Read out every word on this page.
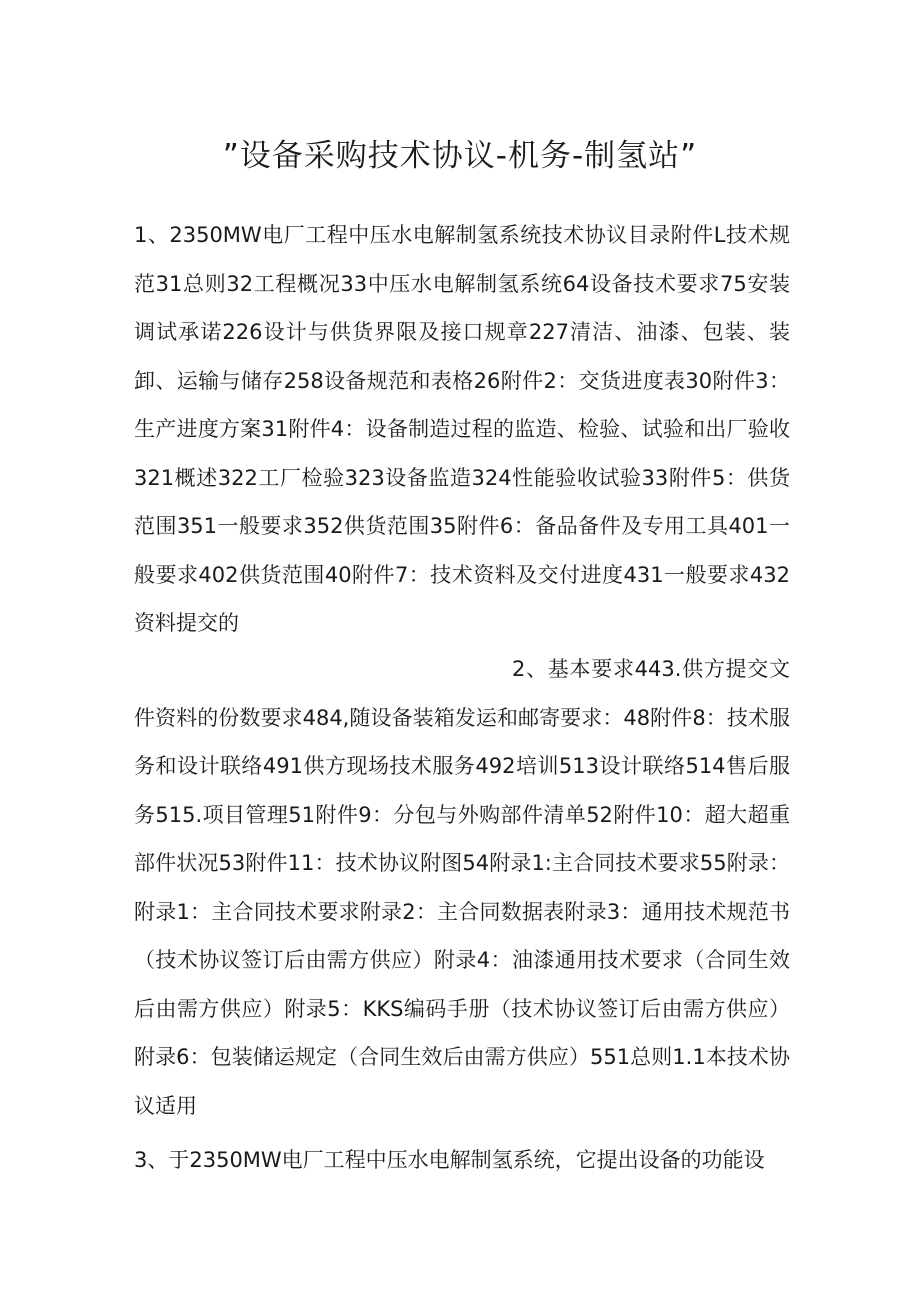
”设备采购技术协议-机务-制氢站”

1、2350MW电厂工程中压水电解制氢系统技术协议目录附件L技术规范31总则32工程概况33中压水电解制氢系统64设备技术要求75安装调试承诺226设计与供货界限及接口规章227清洁、油漆、包装、装卸、运输与储存258设备规范和表格26附件2：交货进度表30附件3：生产进度方案31附件4：设备制造过程的监造、检验、试验和出厂验收321概述322工厂检验323设备监造324性能验收试验33附件5：供货范围351一般要求352供货范围35附件6：备品备件及专用工具401一般要求402供货范围40附件7：技术资料及交付进度431一般要求432资料提交的

2、基本要求443.供方提交文件资料的份数要求484,随设备装箱发运和邮寄要求：48附件8：技术服务和设计联络491供方现场技术服务492培训513设计联络514售后服务515.项目管理51附件9：分包与外购部件清单52附件10：超大超重部件状况53附件11：技术协议附图54附录1:主合同技术要求55附录：附录1：主合同技术要求附录2：主合同数据表附录3：通用技术规范书（技术协议签订后由需方供应）附录4：油漆通用技术要求（合同生效后由需方供应）附录5：KKS编码手册（技术协议签订后由需方供应）附录6：包装储运规定（合同生效后由需方供应）551总则1.1本技术协议适用

3、于2350MW电厂工程中压水电解制氢系统，它提出设备的功能设
